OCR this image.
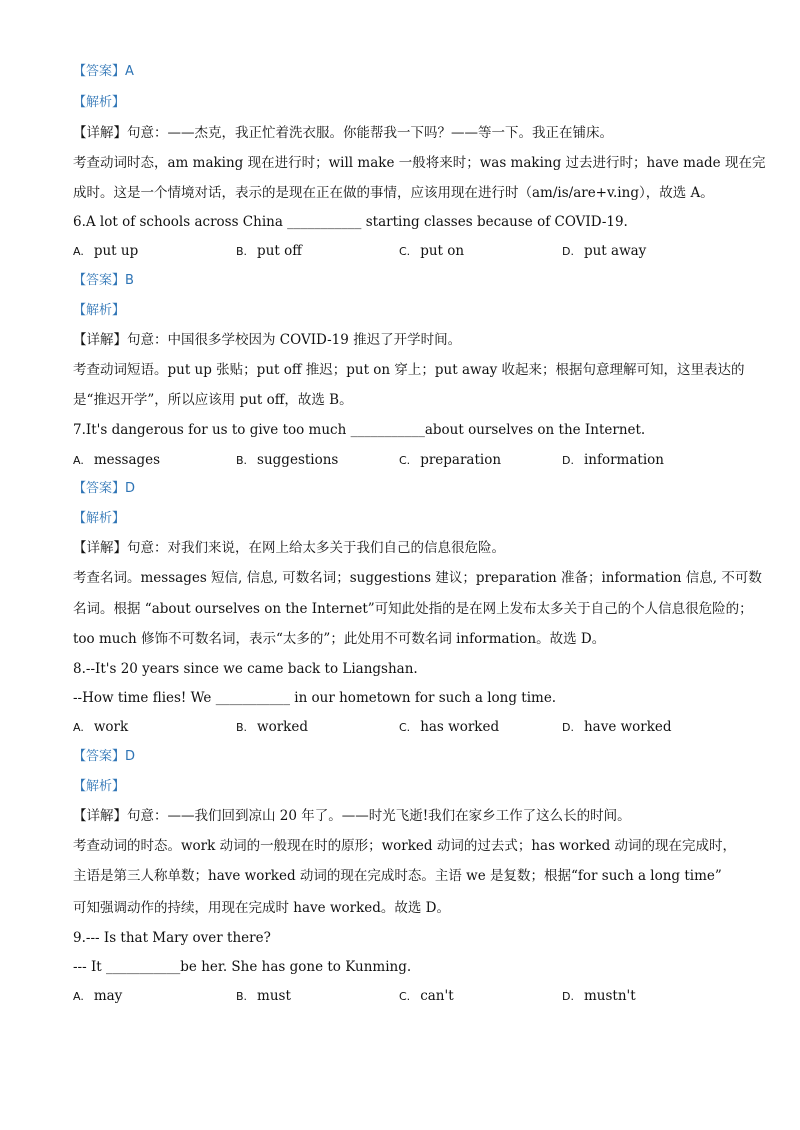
【答案】A
【解析】
【详解】句意：——杰克，我正忙着洗衣服。你能帮我一下吗？——等一下。我正在铺床。
考查动词时态，am making 现在进行时；will make 一般将来时；was making 过去进行时；have made 现在完
成时。这是一个情境对话，表示的是现在正在做的事情，应该用现在进行时（am/is/are+v.ing），故选 A。
6.A lot of schools across China ___________ starting classes because of COVID-19.
A. put up	B. put off	C. put on	D. put away
【答案】B
【解析】
【详解】句意：中国很多学校因为 COVID-19 推迟了开学时间。
考查动词短语。put up 张贴；put off 推迟；put on 穿上；put away 收起来；根据句意理解可知，这里表达的
是“推迟开学”，所以应该用 put off，故选 B。
7.It's dangerous for us to give too much ___________about ourselves on the Internet.
A. messages	B. suggestions	C. preparation	D. information
【答案】D
【解析】
【详解】句意：对我们来说，在网上给太多关于我们自己的信息很危险。
考查名词。messages 短信, 信息, 可数名词；suggestions 建议；preparation 准备；information 信息, 不可数
名词。根据 “about ourselves on the Internet”可知此处指的是在网上发布太多关于自己的个人信息很危险的；
too much 修饰不可数名词，表示“太多的”；此处用不可数名词 information。故选 D。
8.--It's 20 years since we came back to Liangshan.
--How time flies! We ___________ in our hometown for such a long time.
A. work	B. worked	C. has worked	D. have worked
【答案】D
【解析】
【详解】句意：——我们回到凉山 20 年了。——时光飞逝!我们在家乡工作了这么长的时间。
考查动词的时态。work 动词的一般现在时的原形；worked 动词的过去式；has worked 动词的现在完成时，
主语是第三人称单数；have worked 动词的现在完成时态。主语 we 是复数；根据“for such a long time”
可知强调动作的持续，用现在完成时 have worked。故选 D。
9.--- Is that Mary over there?
--- It ___________be her. She has gone to Kunming.
A. may	B. must	C. can't	D. mustn't
